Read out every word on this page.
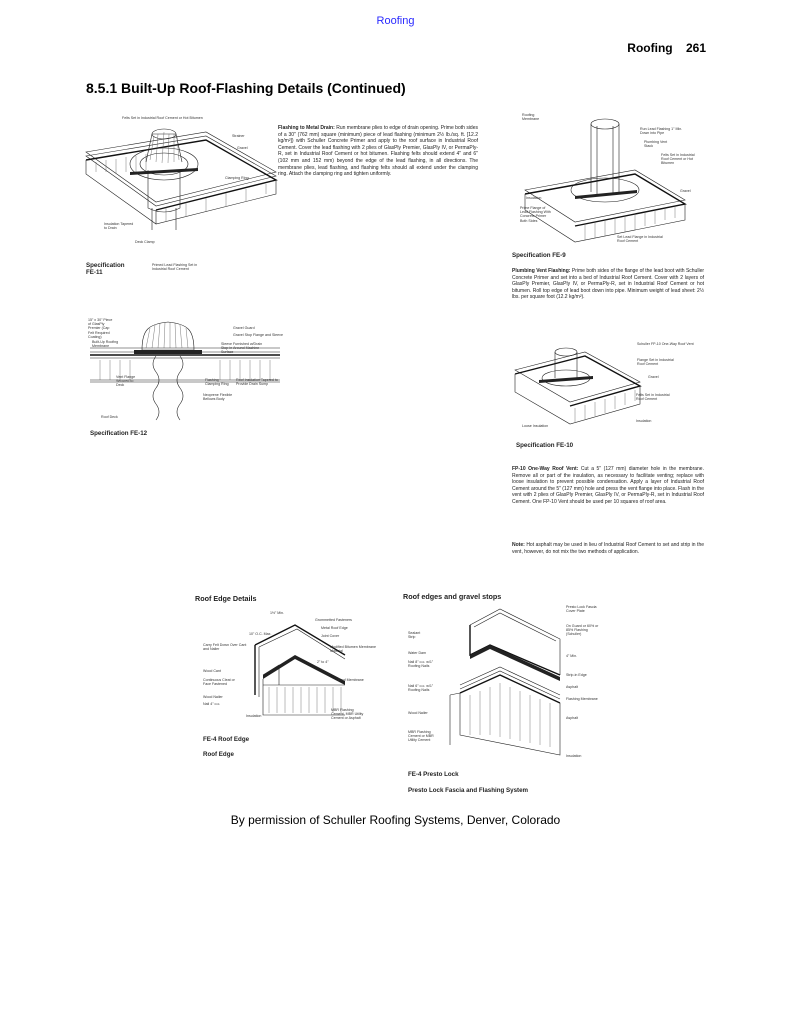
Roofing
Roofing 261
8.5.1 Built-Up Roof-Flashing Details (Continued)
Felts Set in Industrial Roof Cement or Hot Bitumen
Strainer
Gravel
Clamping Ring
Insulation Tapered to Drain
Deck Clamp
Specification
FE-11
Primed Lead Flashing Set in Industrial Roof Cement
Flashing to Metal Drain: Run membrane plies to edge of drain opening. Prime both sides of a 30" (762 mm) square (minimum) piece of lead flashing (minimum 2½ lb./sq. ft. [12.2 kg/m²]) with Schuller Concrete Primer and apply to the roof surface in Industrial Roof Cement. Cover the lead flashing with 2 plies of GlasPly Premier, GlasPly IV, or PermaPly-R, set in Industrial Roof Cement or hot bitumen. Flashing felts should extend 4" and 6" (102 mm and 152 mm) beyond the edge of the lead flashing, in all directions. The membrane plies, lead flashing, and flashing felts should all extend under the clamping ring. Attach the clamping ring and tighten uniformly.
Roofing Membrane
Run Lead Flashing 1" Min. Down into Pipe
Plumbing Vent Stack
Felts Set in Industrial Roof Cement or Hot Bitumen
Gravel
Insulation
Prime Flange of Lead Flashing With Concrete Primer Both Sides
Set Lead Flange in Industrial Roof Cement
Specification FE-9
Plumbing Vent Flashing: Prime both sides of the flange of the lead boot with Schuller Concrete Primer and set into a bed of Industrial Roof Cement. Cover with 2 layers of GlasPly Premier, GlasPly IV, or PermaPly-R, set in Industrial Roof Cement or hot bitumen. Roll top edge of lead boot down into pipe. Minimum weight of lead sheet: 2½ lbs. per square foot (12.2 kg/m²).
15" x 30" Piece of GlasPly Premier (Cap Felt Required Coating)
Built-Up Roofing Membrane
Gravel Guard
Gravel Stop Flange and Sleeve
Sleeve Furnished w/Drain Stop in Around Machine Surface
Vent Flange Secured to Deck
Flashing Clamping Ring
Neoprene Flexible Bellows Body
Roof Insulation Tapered to Provide Drain Sump
Roof Deck
Specification FE-12
Schuller FP-10 One-Way Roof Vent
Flange Set in Industrial Roof Cement
Gravel
Felts Set in Industrial Roof Cement
Insulation
Loose Insulation
Specification FE-10
FP-10 One-Way Roof Vent: Cut a 5" (127 mm) diameter hole in the membrane. Remove all or part of the insulation, as necessary to facilitate venting; replace with loose insulation to prevent possible condensation. Apply a layer of Industrial Roof Cement around the 5" (127 mm) hole and press the vent flange into place. Flash in the vent with 2 plies of GlasPly Premier, GlasPly IV, or PermaPly-R, set in Industrial Roof Cement. One FP-10 Vent should be used per 10 squares of roof area.
Note: Hot asphalt may be used in lieu of Industrial Roof Cement to set and strip in the vent, however, do not mix the two methods of application.
Roof Edge Details
1½" Min.
Grommetted Fasteners
Metal Roof Edge
10" O.C. Max.	Joint Cover
Carry Felt Down Over Cant and Nailer
Modified Bitumen Membrane Material
2" to 4"
Wood Cant
Continuous Cleat or Face Fastened
Roof Membrane
Wood Nailer
Nail 4" o.c.
Insulation
MBR Flashing Cement, MBR Utility Cement or Asphalt
FE-4 Roof Edge
Roof Edge
Roof edges and gravel stops
Presto Lock Fascia Cover Plate
On Guard or 60% or 85% Flashing (Schuller)
Sealant Strip
Water Dam
4" Min.
Nail 8" o.c. w/1" Roofing Nails
Strip-in Edge
Asphalt
Nail 6" o.c. w/1" Roofing Nails
Flashing Membrane
Wood Nailer
Asphalt
MBR Flashing Cement or MBR Utility Cement
Insulation
FE-4 Presto Lock
Presto Lock Fascia and Flashing System
By permission of Schuller Roofing Systems, Denver, Colorado
